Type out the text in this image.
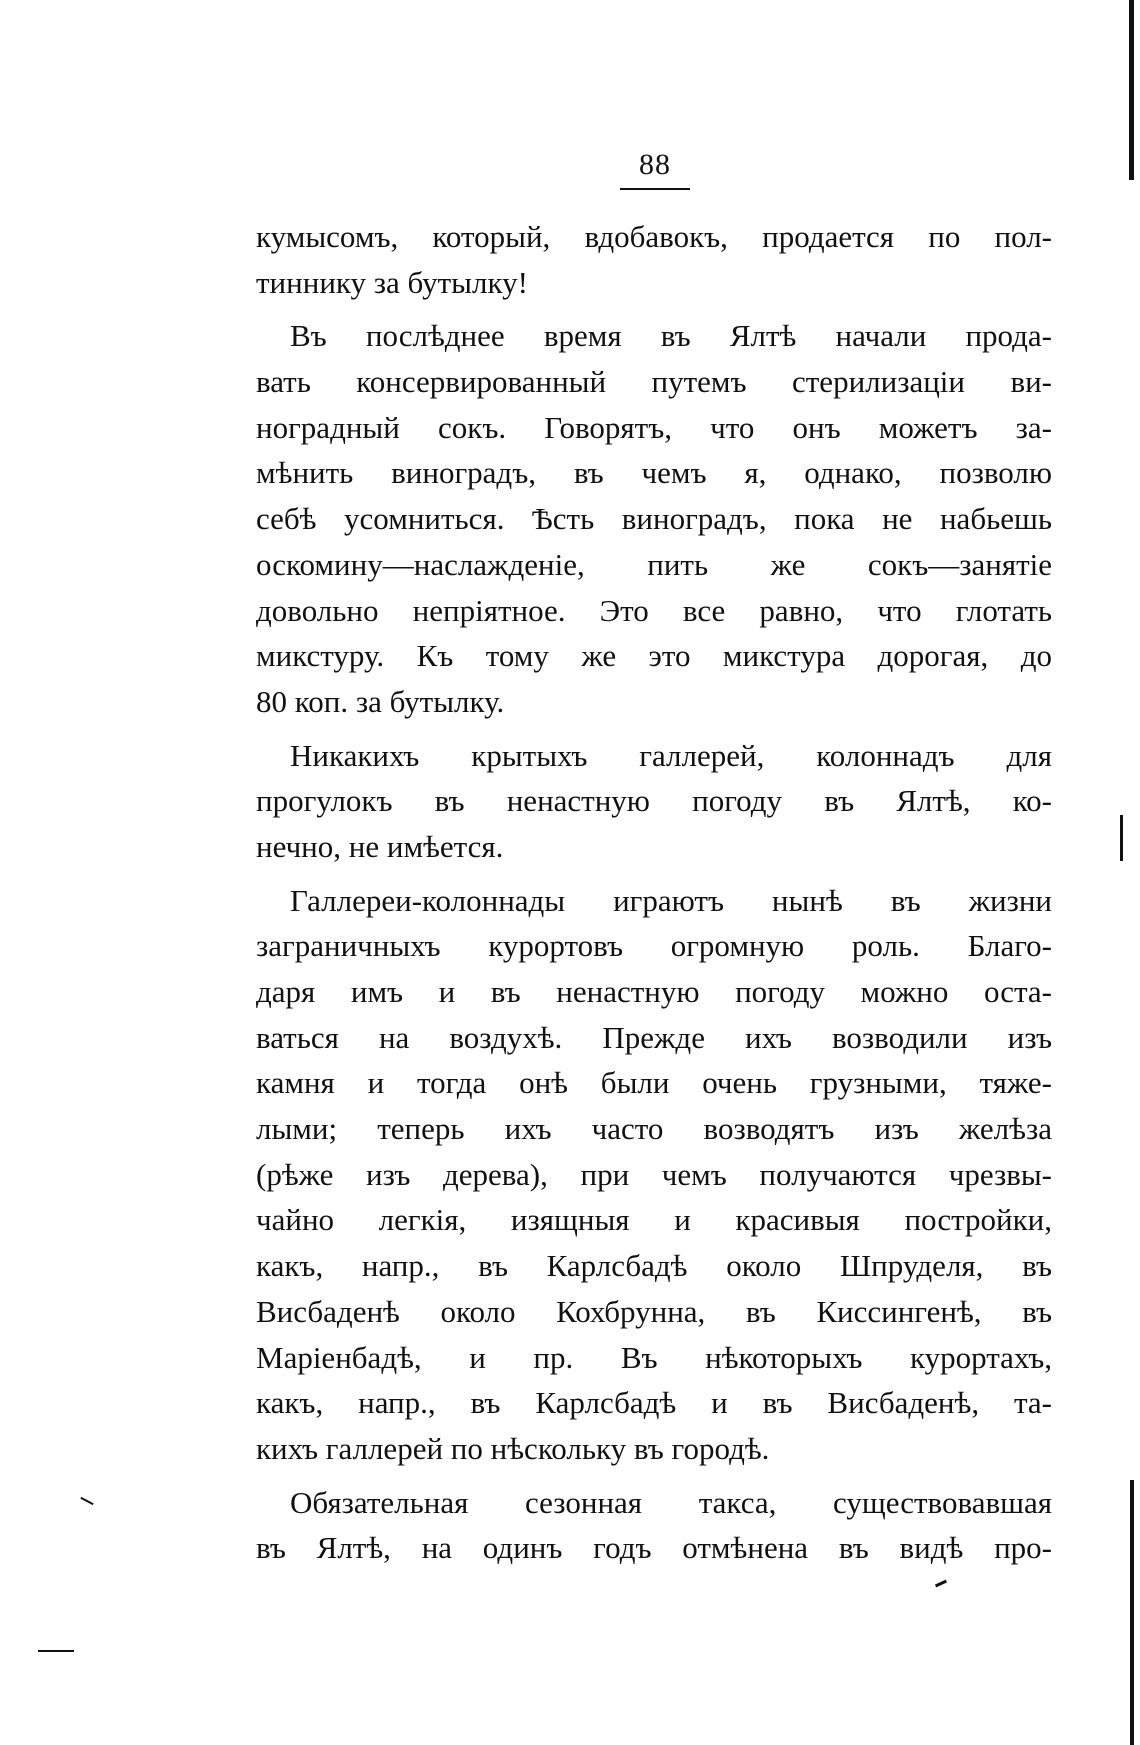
88
кумысомъ, который, вдобавокъ, продается по пол-
тиннику за бутылку!
Въ послѣднее время въ Ялтѣ начали прода-
вать консервированный путемъ стерилизаціи ви-
ноградный сокъ. Говорятъ, что онъ можетъ за-
мѣнить виноградъ, въ чемъ я, однако, позволю
себѣ усомниться. Ѣсть виноградъ, пока не набьешь
оскомину—наслажденіе, пить же сокъ—занятіе
довольно непріятное. Это все равно, что глотать
микстуру. Къ тому же это микстура дорогая, до
80 коп. за бутылку.
Никакихъ крытыхъ галлерей, колоннадъ для
прогулокъ въ ненастную погоду въ Ялтѣ, ко-
нечно, не имѣется.
Галлереи-колоннады играютъ нынѣ въ жизни
заграничныхъ курортовъ огромную роль. Благо-
даря имъ и въ ненастную погоду можно оста-
ваться на воздухѣ. Прежде ихъ возводили изъ
камня и тогда онѣ были очень грузными, тяже-
лыми; теперь ихъ часто возводятъ изъ желѣза
(рѣже изъ дерева), при чемъ получаются чрезвы-
чайно легкія, изящныя и красивыя постройки,
какъ, напр., въ Карлсбадѣ около Шпруделя, въ
Висбаденѣ около Кохбрунна, въ Киссингенѣ, въ
Маріенбадѣ, и пр. Въ нѣкоторыхъ курортахъ,
какъ, напр., въ Карлсбадѣ и въ Висбаденѣ, та-
кихъ галлерей по нѣскольку въ городѣ.
Обязательная сезонная такса, существовавшая
въ Ялтѣ, на одинъ годъ отмѣнена въ видѣ про-
